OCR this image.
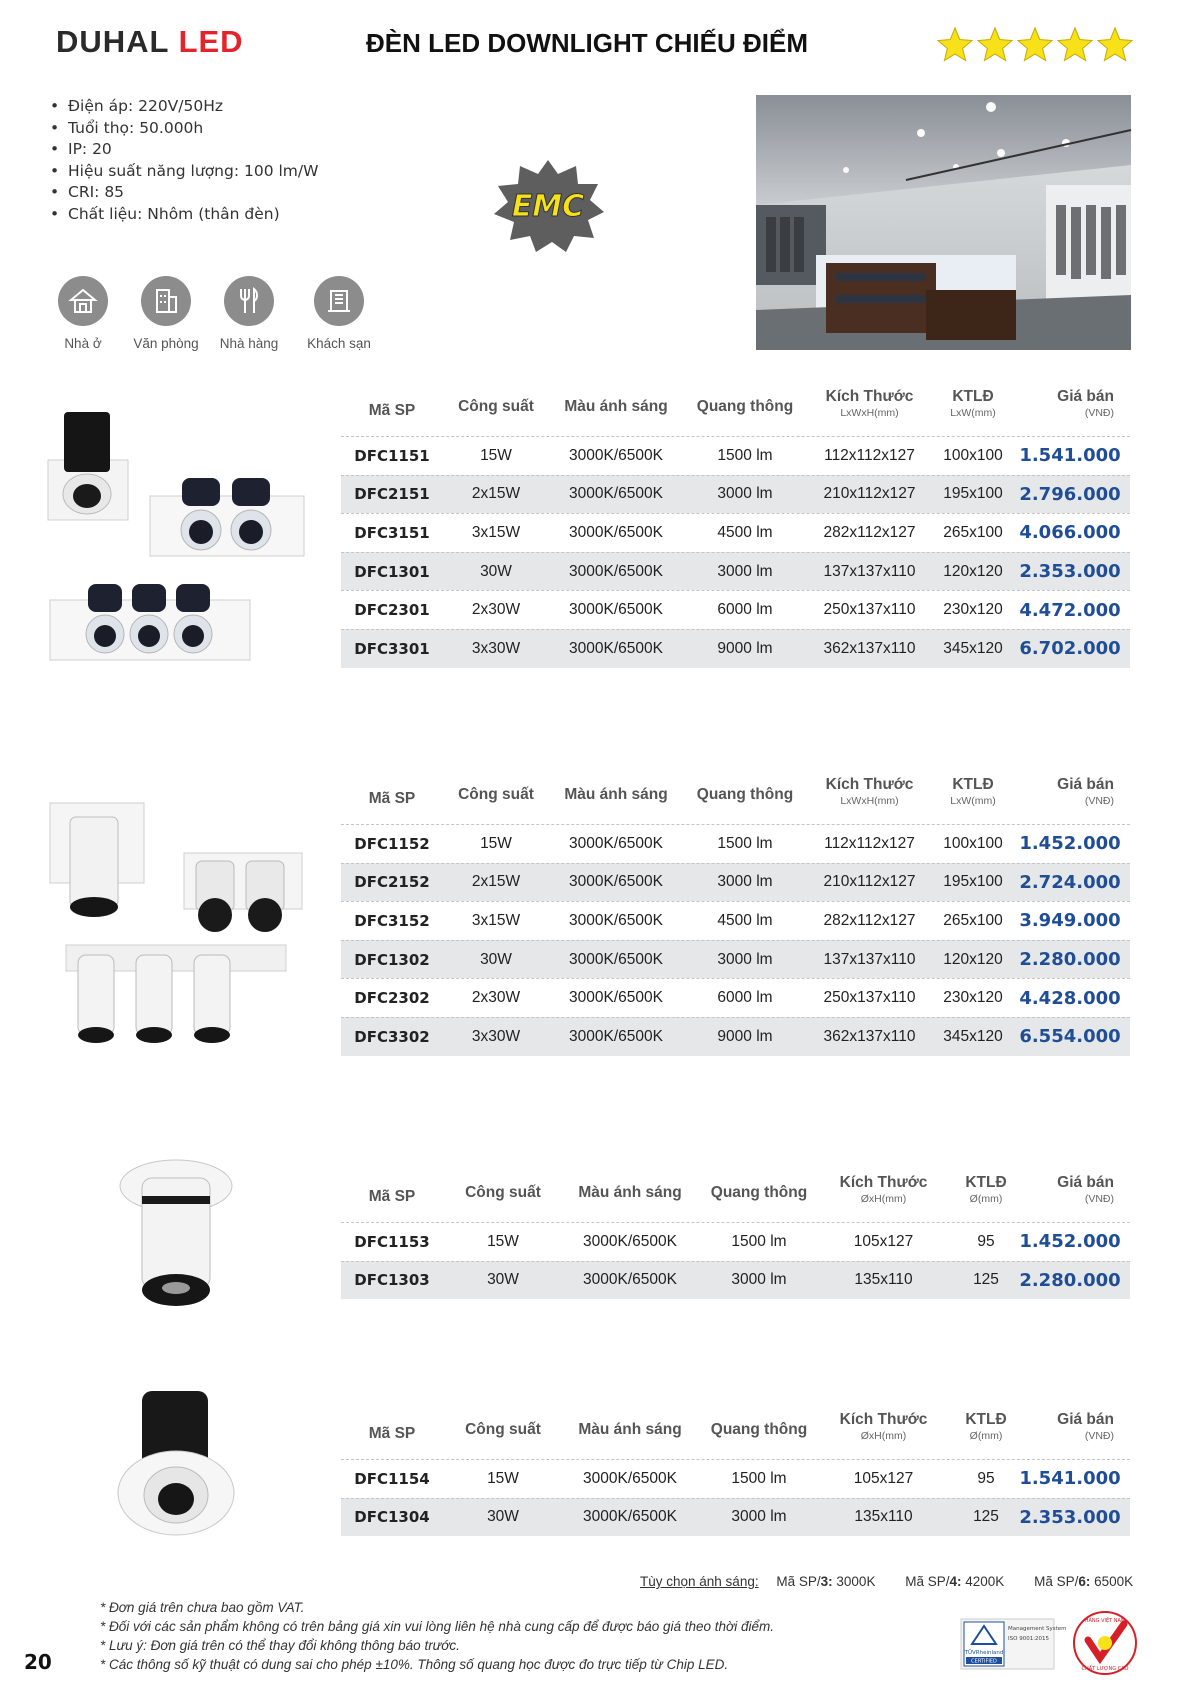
DUHAL LED	ĐÈN LED DOWNLIGHT CHIẾU ĐIỂM
• Điện áp: 220V/50Hz
• Tuổi thọ: 50.000h
• IP: 20
• Hiệu suất năng lượng: 100 lm/W
• CRI: 85
• Chất liệu: Nhôm (thân đèn)	EMC
Nhà ở	Văn phòng	Nhà hàng	Khách sạn
Mã SP	Công suất	Màu ánh sáng	Quang thông
Kích Thước
LxWxH(mm)
KTLĐ
LxW(mm)
Giá bán
(VNĐ)
DFC1151	15W	3000K/6500K	1500 lm	112x112x127	100x100 1.541.000
DFC2151	2x15W	3000K/6500K	3000 lm	210x112x127	195x100 2.796.000
DFC3151	3x15W	3000K/6500K	4500 lm	282x112x127	265x100 4.066.000
DFC1301	30W	3000K/6500K	3000 lm	137x137x110	120x120 2.353.000
DFC2301	2x30W	3000K/6500K	6000 lm	250x137x110	230x120 4.472.000
DFC3301	3x30W	3000K/6500K	9000 lm	362x137x110	345x120 6.702.000
Mã SP	Công suất	Màu ánh sáng	Quang thông
Kích Thước
LxWxH(mm)
KTLĐ
LxW(mm)
Giá bán
(VNĐ)
DFC1152	15W	3000K/6500K	1500 lm	112x112x127	100x100 1.452.000
DFC2152	2x15W	3000K/6500K	3000 lm	210x112x127	195x100 2.724.000
DFC3152	3x15W	3000K/6500K	4500 lm	282x112x127	265x100 3.949.000
DFC1302	30W	3000K/6500K	3000 lm	137x137x110	120x120 2.280.000
DFC2302	2x30W	3000K/6500K	6000 lm	250x137x110	230x120 4.428.000
DFC3302	3x30W	3000K/6500K	9000 lm	362x137x110	345x120 6.554.000
Mã SP	Công suất	Màu ánh sáng	Quang thông
Kích Thước
ØxH(mm)
KTLĐ
Ø(mm)
Giá bán
(VNĐ)
DFC1153	15W	3000K/6500K	1500 lm	105x127	95	1.452.000
DFC1303	30W	3000K/6500K	3000 lm	135x110	125	2.280.000
Mã SP	Công suất	Màu ánh sáng	Quang thông
Kích Thước
ØxH(mm)
KTLĐ
Ø(mm)
Giá bán
(VNĐ)
DFC1154	15W	3000K/6500K	1500 lm	105x127	95	1.541.000
DFC1304	30W	3000K/6500K	3000 lm	135x110	125	2.353.000
Tùy chọn ánh sáng: Mã SP/3: 3000K Mã SP/4: 4200K Mã SP/6: 6500K
* Đơn giá trên chưa bao gồm VAT.
* Đối với các sản phẩm không có trên bảng giá xin vui lòng liên hệ nhà cung cấp để được báo giá theo thời điểm.
* Lưu ý: Đơn giá trên có thể thay đổi không thông báo trước.
* Các thông số kỹ thuật có dung sai cho phép ±10%. Thông số quang học được đo trực tiếp từ Chip LED.
20	TÜVRheinland
CERTIFIED
Management System
ISO 9001:2015
HÀNG VIỆT NAM
CHẤT LƯỢNG CAO
